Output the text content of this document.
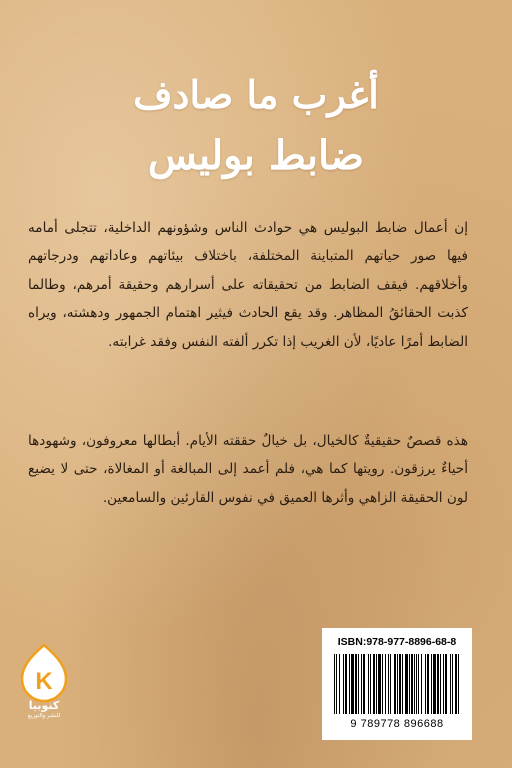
أغرب ما صادف
ضابط بوليس

إن أعمال ضابط البوليس هي حوادث الناس وشؤونهم الداخلية، تتجلى أمامه فيها صور حياتهم المتباينة المختلفة، باختلاف بيئاتهم وعاداتهم ودرجاتهم وأخلاقهم. فيقف الضابط من تحقيقاته على أسرارهم وحقيقة أمرهم، وطالما كذبت الحقائقُ المظاهر. وقد يقع الحادث فيثير اهتمام الجمهور ودهشته، ويراه الضابط أمرًا عاديًا، لأن الغريب إذا تكرر ألفته النفس وفقد غرابته.

هذه قصصٌ حقيقيةٌ كالخيال، بل خيالٌ حققته الأيام. أبطالها معروفون، وشهودها أحياءٌ يرزقون. رويتها كما هي، فلم أعمد إلى المبالغة أو المغالاة، حتى لا يضيع لون الحقيقة الزاهي وأثرها العميق في نفوس القارئين والسامعين.

K
كنوبيا
للنشر والتوزيع
ISBN:978-977-8896-68-8
9 789778 896688
